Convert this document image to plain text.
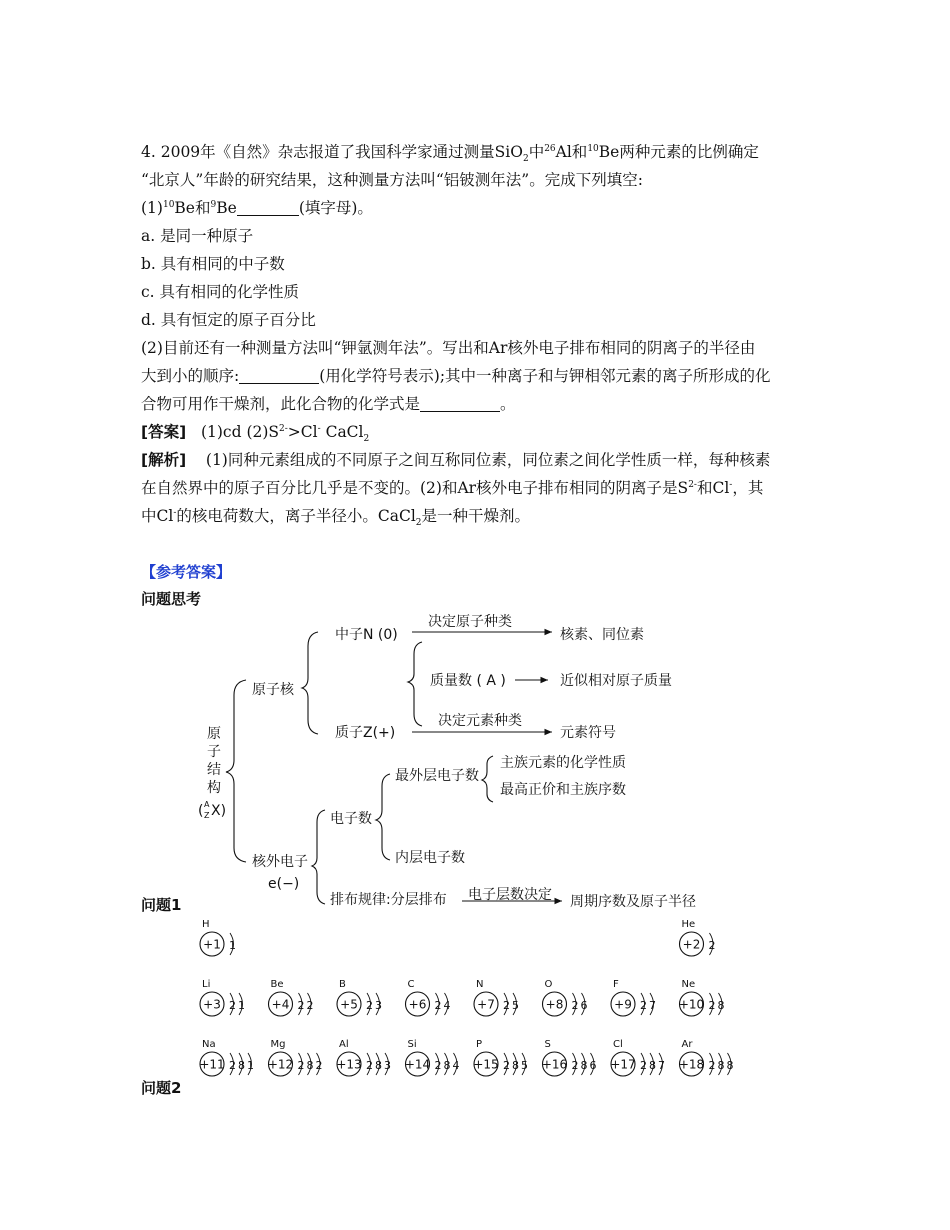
4. 2009年《自然》杂志报道了我国科学家通过测量SiO$_2$中$^{26}$Al和$^{10}$Be两种元素的比例确定
“北京人”年龄的研究结果，这种测量方法叫“铝铍测年法”。完成下列填空:
$(1)^{10}Be$和$^9$Be	(填字母)。
a. 是同一种原子
b. 具有相同的中子数
c. 具有相同的化学性质
d. 具有恒定的原子百分比
(2)目前还有一种测量方法叫“钾氩测年法”。写出和Ar核外电子排布相同的阴离子的半径由
大到小的顺序:	(用化学符号表示);其中一种离子和与钾相邻元素的离子所形成的化
合物可用作干燥剂，此化合物的化学式是	。
[答案] (1)cd $(2)S^{2-}>Cl^-$ CaCl$_2$
[解析] (1)同种元素组成的不同原子之间互称同位素，同位素之间化学性质一样，每种核素
在自然界中的原子百分比几乎是不变的。(2)和Ar核外电子排布相同的阴离子是$S^{2-}$和Cl-，其
中Cl-的核电荷数大，离子半径小。CaCl$_2$是一种干燥剂。
【参考答案】
问题思考
原
子
结
构
( A
Z X)
原子核
核外电子
e(−)
中子N (0)
决定原子种类
核素、同位素
质量数 ( A )	近似相对原子质量
质子Z(+)
决定元素种类
元素符号
电子数
最外层电子数
主族元素的化学性质
最高正价和主族序数
内层电子数
排布规律:分层排布 电子层数决定 周期序数及原子半径
问题1
H
+1 1
He
+2 2
Li
+3 2 1
Be
+4 2 2
B
+5 2 3
C
+6 2 4
N
+7 2 5
O
+8 2 6
F
+9 2 7
Ne
+10 2 8
Na
+11 2 8 1
Mg
+12 2 8 2
Al
+13 2 8 3
Si
+14 2 8 4
P
+15 2 8 5
S
+16 2 8 6
Cl
+17 2 8 7
Ar
+18 2 8 8
问题2
